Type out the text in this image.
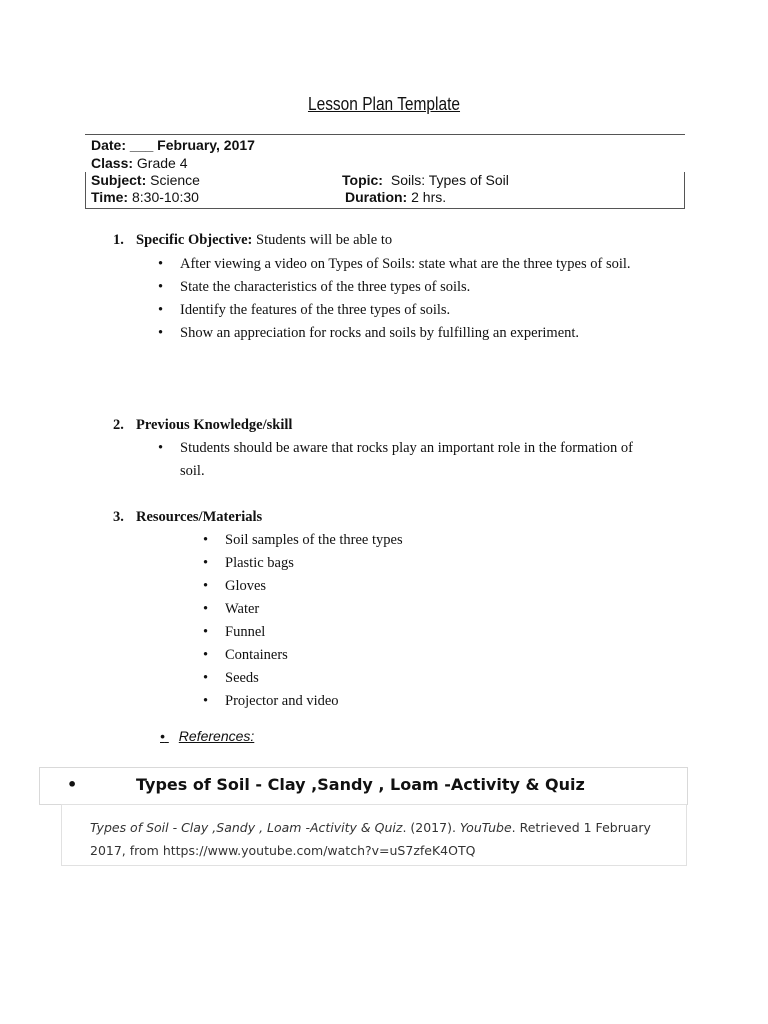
Lesson Plan Template
Date: ___ February, 2017
Class: Grade 4
Subject: Science	Topic: Soils: Types of Soil
Time: 8:30-10:30	Duration: 2 hrs.
1. Specific Objective: Students will be able to
• After viewing a video on Types of Soils: state what are the three types of soil.
• State the characteristics of the three types of soils.
• Identify the features of the three types of soils.
• Show an appreciation for rocks and soils by fulfilling an experiment.
2. Previous Knowledge/skill
• Students should be aware that rocks play an important role in the formation of soil.
3. Resources/Materials
• Soil samples of the three types
• Plastic bags
• Gloves
• Water
• Funnel
• Containers
• Seeds
• Projector and video
• References:
•	Types of Soil - Clay ,Sandy , Loam -Activity & Quiz
Types of Soil - Clay ,Sandy , Loam -Activity & Quiz. (2017). YouTube. Retrieved 1 February 2017, from https://www.youtube.com/watch?v=uS7zfeK4OTQ
